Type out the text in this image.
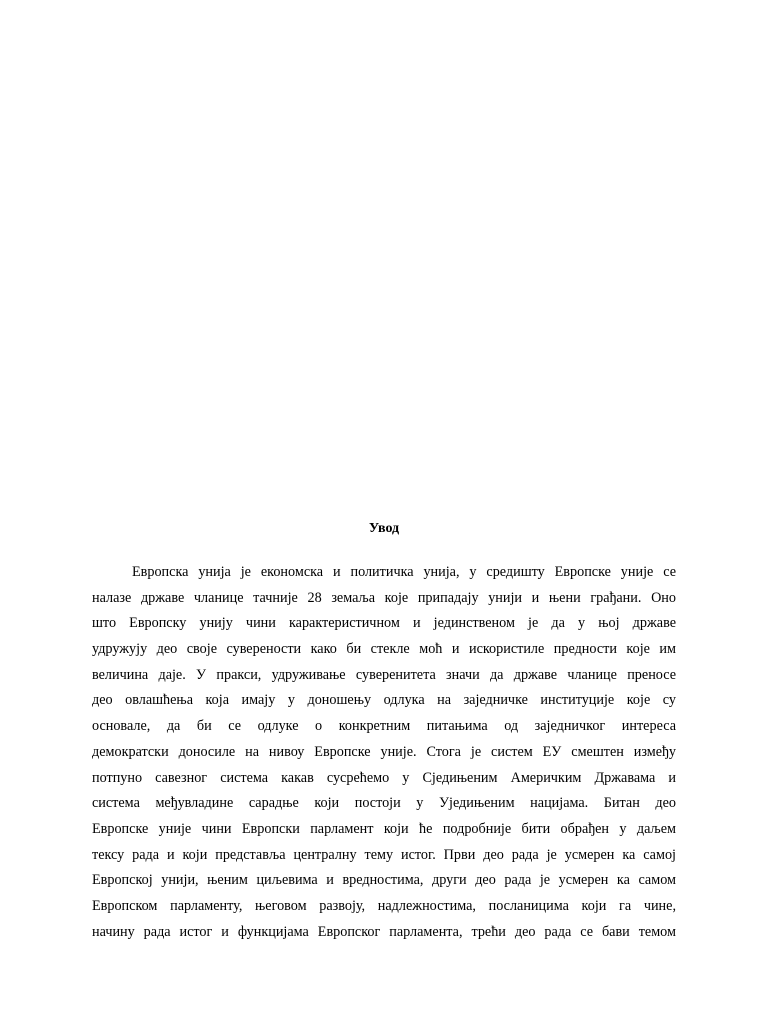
Увод
Европска унија је економска и политичка унија, у средишту Европске уније се
налазе државе чланице тачније 28 земаља које припадају унији и њени грађани. Оно
што Европску унију чини карактеристичном и јединственом је да у њој државе
удружују део своје суверености како би стекле моћ и искористиле предности које им
величина даје. У пракси, удруживање суверенитета значи да државе чланице преносе
део овлашћења која имају у доношењу одлука на заједничке институције које су
основале, да би се одлуке о конкретним питањима од заједничког интереса
демократски доносиле на нивоу Европске уније. Стога је систем ЕУ смештен између
потпуно савезног система какав сусрећемо у Сједињеним Америчким Државама и
система међувладине сарадње који постоји у Уједињеним нацијама. Битан део
Европске уније чини Европски парламент који ће подробније бити обрађен у даљем
тексу рада и који представља централну тему истог. Први део рада је усмерен ка самој
Европској унији, њеним циљевима и вредностима, други део рада је усмерен ка самом
Европском парламенту, његовом развоју, надлежностима, посланицима који га чине,
начину рада истог и функцијама Европског парламента, трећи део рада се бави темом
